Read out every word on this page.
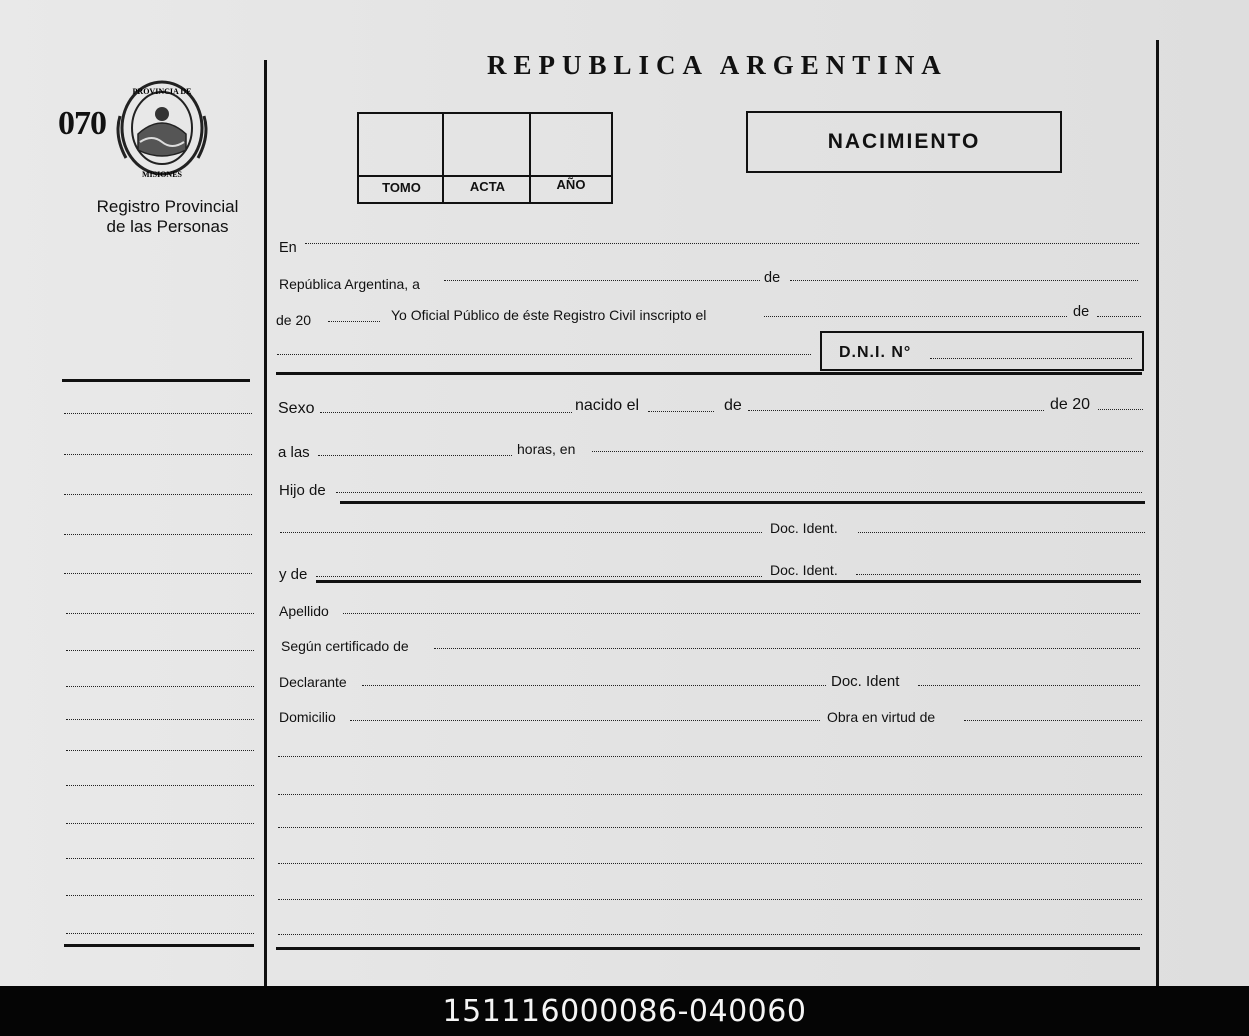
070
PROVINCIA DE
MISIONES
Registro Provincial
de las Personas
REPUBLICA ARGENTINA
TOMO	ACTA	AÑO
NACIMIENTO
En
República Argentina, a	de
de 20	Yo Oficial Público de éste Registro Civil inscripto el	de
D.N.I. N°
Sexo	nacido el	de	de 20
a las	horas, en
Hijo de
Doc. Ident.
y de	Doc. Ident.
Apellido
Según certificado de
Declarante	Doc. Ident
Domicilio	Obra en virtud de
151116000086-040060
